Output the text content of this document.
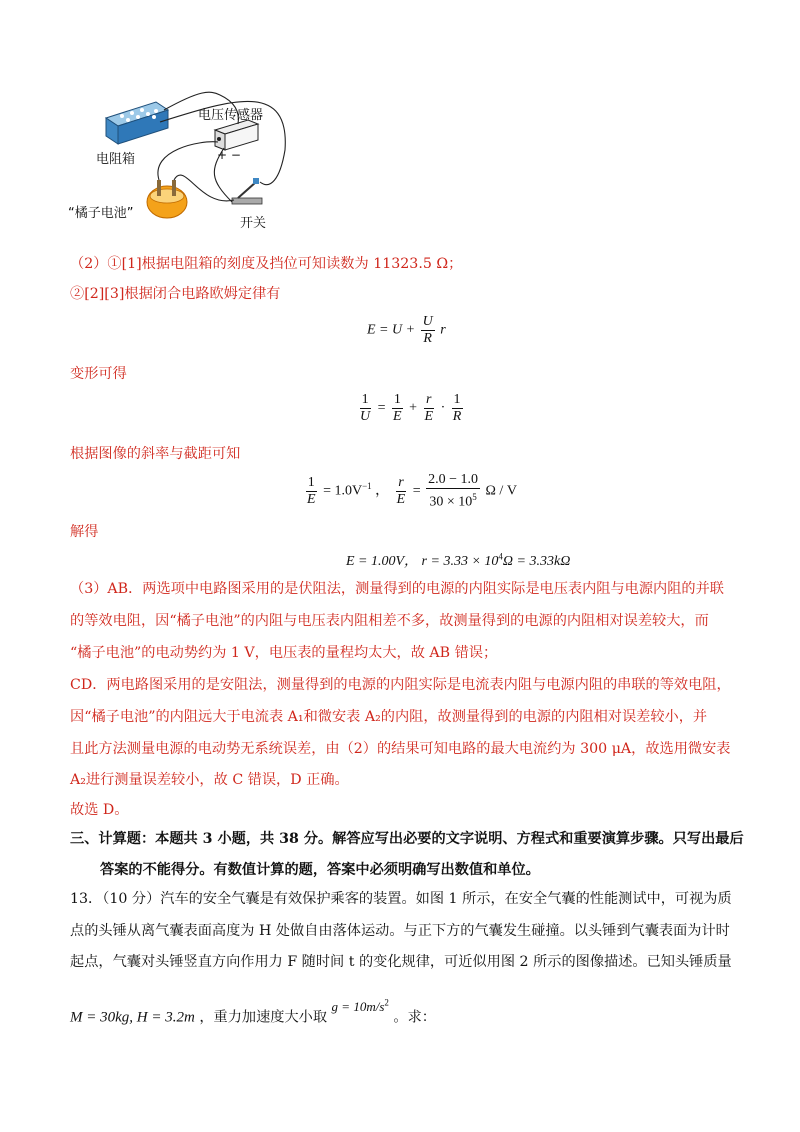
电压传感器
+ −
电阻箱
“橘子电池”
开关
（2）①[1]根据电阻箱的刻度及挡位可知读数为 11323.5 Ω；
②[2][3]根据闭合电路欧姆定律有
$E = U + \frac{U}{R}$ r
变形可得
$\frac{1}{U} = \frac{1}{E} + \frac{r}{E} \cdot \frac{1}{R}$
根据图像的斜率与截距可知
$\frac{1}{E} = 1.0V^{-1}$ ， $\frac{r}{E} = \frac{2.0 - 1.0}{30 \times 10^5}$ Ω / V
解得
E = 1.00V， $r = 3.33 \times 10^4\Omega = 3.33k\Omega$
（3）AB．两选项中电路图采用的是伏阻法，测量得到的电源的内阻实际是电压表内阻与电源内阻的并联
的等效电阻，因“橘子电池”的内阻与电压表内阻相差不多，故测量得到的电源的内阻相对误差较大，而
“橘子电池”的电动势约为 1 V，电压表的量程均太大，故 AB 错误；
CD．两电路图采用的是安阻法，测量得到的电源的内阻实际是电流表内阻与电源内阻的串联的等效电阻，
因“橘子电池”的内阻远大于电流表 A₁和微安表 A₂的内阻，故测量得到的电源的内阻相对误差较小，并
且此方法测量电源的电动势无系统误差，由（2）的结果可知电路的最大电流约为 300 μA，故选用微安表
A₂进行测量误差较小，故 C 错误，D 正确。
故选 D。
三、计算题：本题共 3 小题，共 38 分。解答应写出必要的文字说明、方程式和重要演算步骤。只写出最后
答案的不能得分。有数值计算的题，答案中必须明确写出数值和单位。
13．（10 分）汽车的安全气囊是有效保护乘客的装置。如图 1 所示，在安全气囊的性能测试中，可视为质
点的头锤从离气囊表面高度为 H 处做自由落体运动。与正下方的气囊发生碰撞。以头锤到气囊表面为计时
起点，气囊对头锤竖直方向作用力 F 随时间 t 的变化规律，可近似用图 2 所示的图像描述。已知头锤质量
M = 30kg, H = 3.2m ，重力加速度大小取 $g = 10m/s^2$ 。求：
